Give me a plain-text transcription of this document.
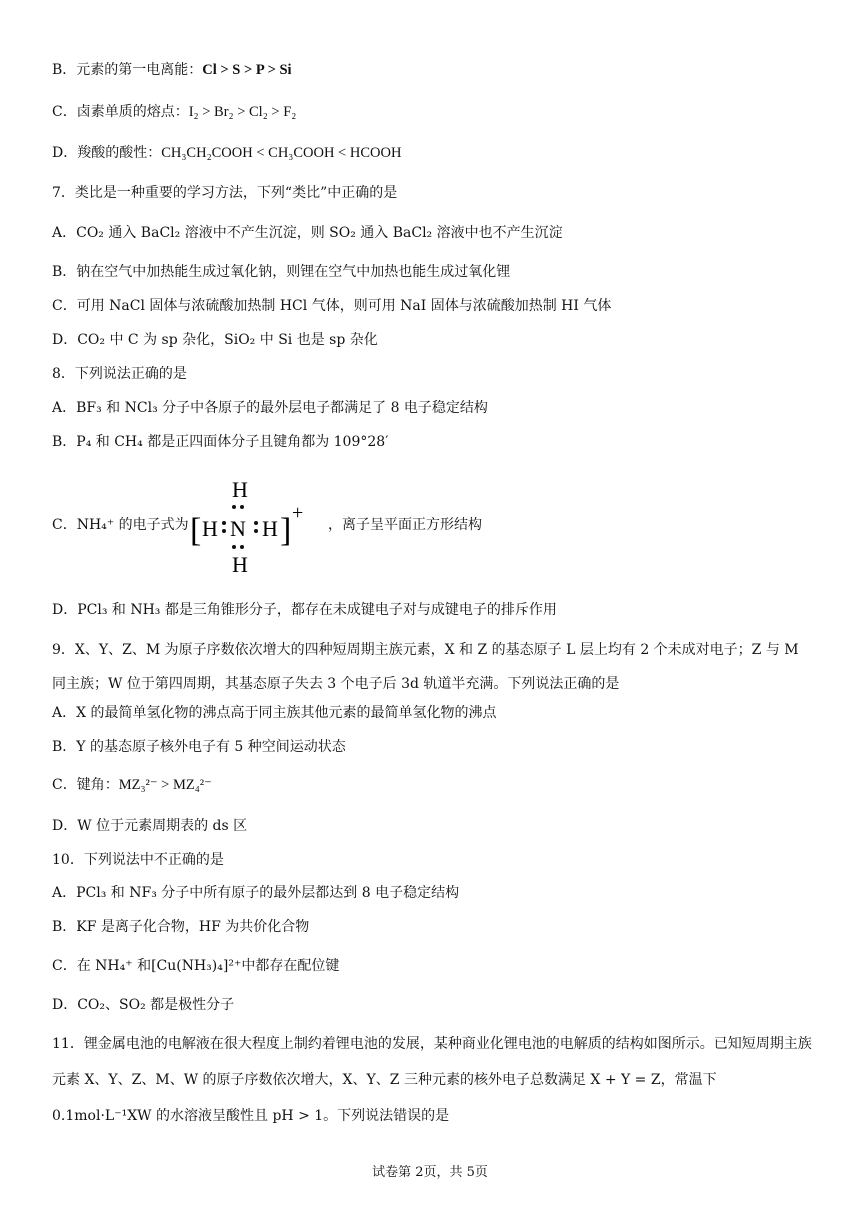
B．元素的第一电离能：Cl > S > P > Si
C．卤素单质的熔点：I₂ > Br₂ > Cl₂ > F₂
D．羧酸的酸性：CH₃CH₂COOH < CH₃COOH < HCOOH
7．类比是一种重要的学习方法，下列“类比”中正确的是
A．CO₂ 通入 BaCl₂ 溶液中不产生沉淀，则 SO₂ 通入 BaCl₂ 溶液中也不产生沉淀
B．钠在空气中加热能生成过氧化钠，则锂在空气中加热也能生成过氧化锂
C．可用 NaCl 固体与浓硫酸加热制 HCl 气体，则可用 NaI 固体与浓硫酸加热制 HI 气体
D．CO₂ 中 C 为 sp 杂化，SiO₂ 中 Si 也是 sp 杂化
8．下列说法正确的是
A．BF₃ 和 NCl₃ 分子中各原子的最外层电子都满足了 8 电子稳定结构
B．P₄ 和 CH₄ 都是正四面体分子且键角都为 109°28′
C．NH₄⁺ 的电子式为 [ H N H
H
H
] +
，离子呈平面正方形结构
D．PCl₃ 和 NH₃ 都是三角锥形分子，都存在未成键电子对与成键电子的排斥作用
9．X、Y、Z、M 为原子序数依次增大的四种短周期主族元素，X 和 Z 的基态原子 L 层上均有 2 个未成对电子；Z 与 M 同主族；W 位于第四周期，其基态原子失去 3 个电子后 3d 轨道半充满。下列说法正确的是
A．X 的最简单氢化物的沸点高于同主族其他元素的最简单氢化物的沸点
B．Y 的基态原子核外电子有 5 种空间运动状态
C．键角：MZ₃²⁻ > MZ₄²⁻
D．W 位于元素周期表的 ds 区
10．下列说法中不正确的是
A．PCl₃ 和 NF₃ 分子中所有原子的最外层都达到 8 电子稳定结构
B．KF 是离子化合物，HF 为共价化合物
C．在 NH₄⁺ 和[Cu(NH₃)₄]²⁺中都存在配位键
D．CO₂、SO₂ 都是极性分子
11．锂金属电池的电解液在很大程度上制约着锂电池的发展，某种商业化锂电池的电解质的结构如图所示。已知短周期主族元素 X、Y、Z、M、W 的原子序数依次增大，X、Y、Z 三种元素的核外电子总数满足 X + Y = Z，常温下 0.1mol·L⁻¹XW 的水溶液呈酸性且 pH > 1。下列说法错误的是
试卷第 2页，共 5页
